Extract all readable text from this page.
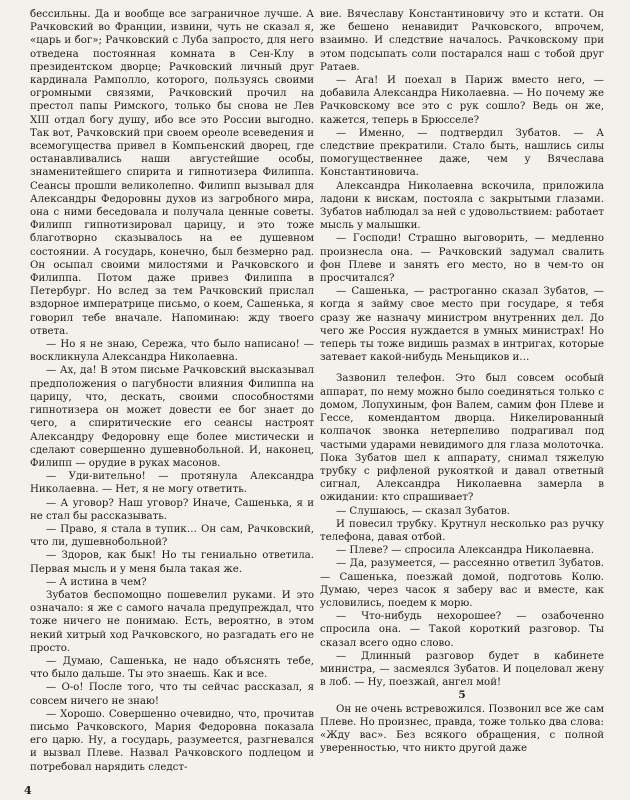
бессильны. Да и вообще все заграничное лучше. А Рачковский во Франции, извини, чуть не сказал я, «царь и бог»; Рачковский с Луба запросто, для него отведена постоянная комната в Сен-Клу в президентском дворце; Рачковский личный друг кардинала Рамполло, которого, пользуясь своими огромными связями, Рачковский прочил на престол папы Римского, только бы снова не Лев XIII отдал богу душу, ибо все это России выгодно. Так вот, Рачковский при своем ореоле всеведения и всемогущества привел в Компьенский дворец, где останавливались наши августейшие особы, знаменитейшего спирита и гипнотизера Филиппа. Сеансы прошли великолепно. Филипп вызывал для Александры Федоровны духов из загробного мира, она с ними беседовала и получала ценные советы. Филипп гипнотизировал царицу, и это тоже благотворно сказывалось на ее душевном состоянии. А государь, конечно, был безмерно рад. Он осыпал своими милостями и Рачковского и Филиппа. Потом даже привез Филиппа в Петербург. Но вслед за тем Рачковский прислал вздорное императрице письмо, о коем, Сашенька, я говорил тебе вначале. Напоминаю: жду твоего ответа.

— Но я не знаю, Сережа, что было написано! — воскликнула Александра Николаевна.

— Ах, да! В этом письме Рачковский высказывал предположения о пагубности влияния Филиппа на царицу, что, дескать, своими способностями гипнотизера он может довести ее бог знает до чего, а спиритические его сеансы настроят Александру Федоровну еще более мистически и сделают совершенно душевнобольной. И, наконец, Филипп — орудие в руках масонов.

— Уди-вительно! — протянула Александра Николаевна. — Нет, я не могу ответить.

— А уговор? Наш уговор? Иначе, Сашенька, я и не стал бы рассказывать.

— Право, я стала в тупик… Он сам, Рачковский, что ли, душевнобольной?

— Здоров, как бык! Но ты гениально ответила. Первая мысль и у меня была такая же.

— А истина в чем?

Зубатов беспомощно пошевелил руками. И это означало: я же с самого начала предупреждал, что тоже ничего не понимаю. Есть, вероятно, в этом некий хитрый ход Рачковского, но разгадать его не просто.

— Думаю, Сашенька, не надо объяснять тебе, что было дальше. Ты это знаешь. Как и все.

— О-о! После того, что ты сейчас рассказал, я совсем ничего не знаю!

— Хорошо. Совершенно очевидно, что, прочитав письмо Рачковского, Мария Федоровна показала его царю. Ну, а государь, разумеется, разгневался и вызвал Плеве. Назвал Рачковского подлецом и потребовал нарядить следст-

вие. Вячеславу Константиновичу это и кстати. Он же бешено ненавидит Рачковского, впрочем, взаимно. И следствие началось. Рачковскому при этом подсыпать соли постарался наш с тобой друг Ратаев.

— Ага! И поехал в Париж вместо него, — добавила Александра Николаевна. — Но почему же Рачковскому все это с рук сошло? Ведь он же, кажется, теперь в Брюсселе?

— Именно, — подтвердил Зубатов. — А следствие прекратили. Стало быть, нашлись силы помогущественнее даже, чем у Вячеслава Константиновича.

Александра Николаевна вскочила, приложила ладони к вискам, постояла с закрытыми глазами. Зубатов наблюдал за ней с удовольствием: работает мысль у малышки.

— Господи! Страшно выговорить, — медленно произнесла она. — Рачковский задумал свалить фон Плеве и занять его место, но в чем-то он просчитался?

— Сашенька, — растроганно сказал Зубатов, — когда я займу свое место при государе, я тебя сразу же назначу министром внутренних дел. До чего же Россия нуждается в умных министрах! Но теперь ты тоже видишь размах в интригах, которые затевает какой-нибудь Меньщиков и…

Зазвонил телефон. Это был совсем особый аппарат, по нему можно было соединяться только с домом, Лопухиным, фон Валем, самим фон Плеве и Гессе, комендантом дворца. Никелированный колпачок звонка нетерпеливо подрагивал под частыми ударами невидимого для глаза молоточка. Пока Зубатов шел к аппарату, снимал тяжелую трубку с рифленой рукояткой и давал ответный сигнал, Александра Николаевна замерла в ожидании: кто спрашивает?

— Слушаюсь, — сказал Зубатов.

И повесил трубку. Крутнул несколько раз ручку телефона, давая отбой.

— Плеве? — спросила Александра Николаевна.

— Да, разумеется, — рассеянно ответил Зубатов. — Сашенька, поезжай домой, подготовь Колю. Думаю, через часок я заберу вас и вместе, как условились, поедем к морю.

— Что-нибудь нехорошее? — озабоченно спросила она. — Такой короткий разговор. Ты сказал всего одно слово.

— Длинный разговор будет в кабинете министра, — засмеялся Зубатов. И поцеловал жену в лоб. — Ну, поезжай, ангел мой!

5

Он не очень встревожился. Позвонил все же сам Плеве. Но произнес, правда, тоже только два слова: «Жду вас». Без всякого обращения, с полной уверенностью, что никто другой даже

4
